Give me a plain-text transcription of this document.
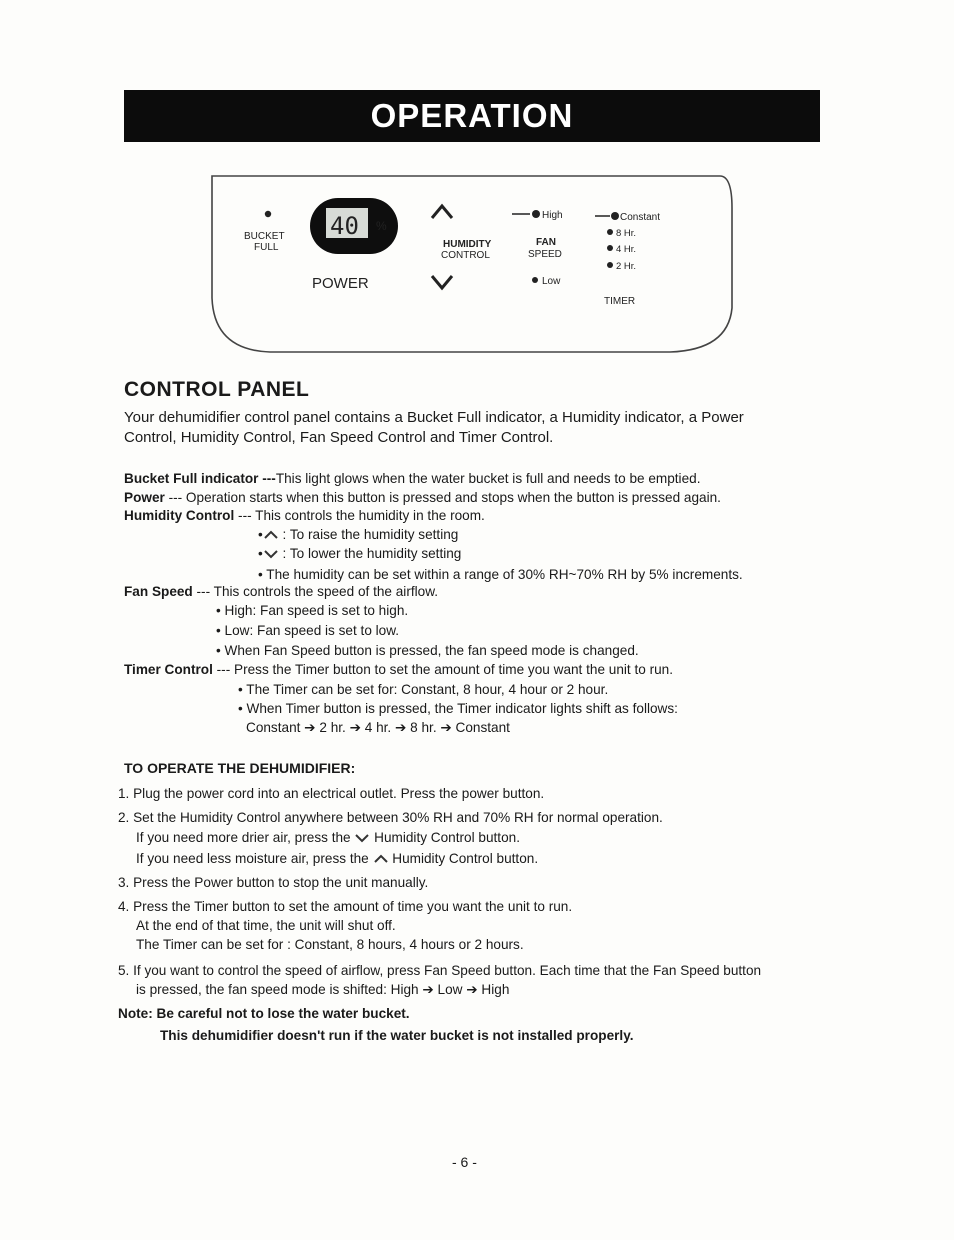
OPERATION
BUCKET
FULL
40 %
POWER
HUMIDITY
CONTROL
High
FAN
SPEED
Low
Constant
8 Hr.
4 Hr.
2 Hr.
TIMER
CONTROL PANEL
Your dehumidifier control panel contains a Bucket Full indicator, a Humidity indicator, a Power
Control, Humidity Control, Fan Speed Control and Timer Control.
Bucket Full indicator ---This light glows when the water bucket is full and needs to be emptied.
Power --- Operation starts when this button is pressed and stops when the button is pressed again.
Humidity Control --- This controls the humidity in the room.
• : To raise the humidity setting
• : To lower the humidity setting
• The humidity can be set within a range of 30% RH~70% RH by 5% increments.
Fan Speed --- This controls the speed of the airflow.
• High: Fan speed is set to high.
• Low: Fan speed is set to low.
• When Fan Speed button is pressed, the fan speed mode is changed.
Timer Control --- Press the Timer button to set the amount of time you want the unit to run.
• The Timer can be set for: Constant, 8 hour, 4 hour or 2 hour.
• When Timer button is pressed, the Timer indicator lights shift as follows:
Constant ➔ 2 hr. ➔ 4 hr. ➔ 8 hr. ➔ Constant
TO OPERATE THE DEHUMIDIFIER:
1. Plug the power cord into an electrical outlet. Press the power button.
2. Set the Humidity Control anywhere between 30% RH and 70% RH for normal operation.
If you need more drier air, press the  Humidity Control button.
If you need less moisture air, press the  Humidity Control button.
3. Press the Power button to stop the unit manually.
4. Press the Timer button to set the amount of time you want the unit to run.
At the end of that time, the unit will shut off.
The Timer can be set for : Constant, 8 hours, 4 hours or 2 hours.
5. If you want to control the speed of airflow, press Fan Speed button. Each time that the Fan Speed button
is pressed, the fan speed mode is shifted: High ➔ Low ➔ High
Note: Be careful not to lose the water bucket.
This dehumidifier doesn't run if the water bucket is not installed properly.
- 6 -
